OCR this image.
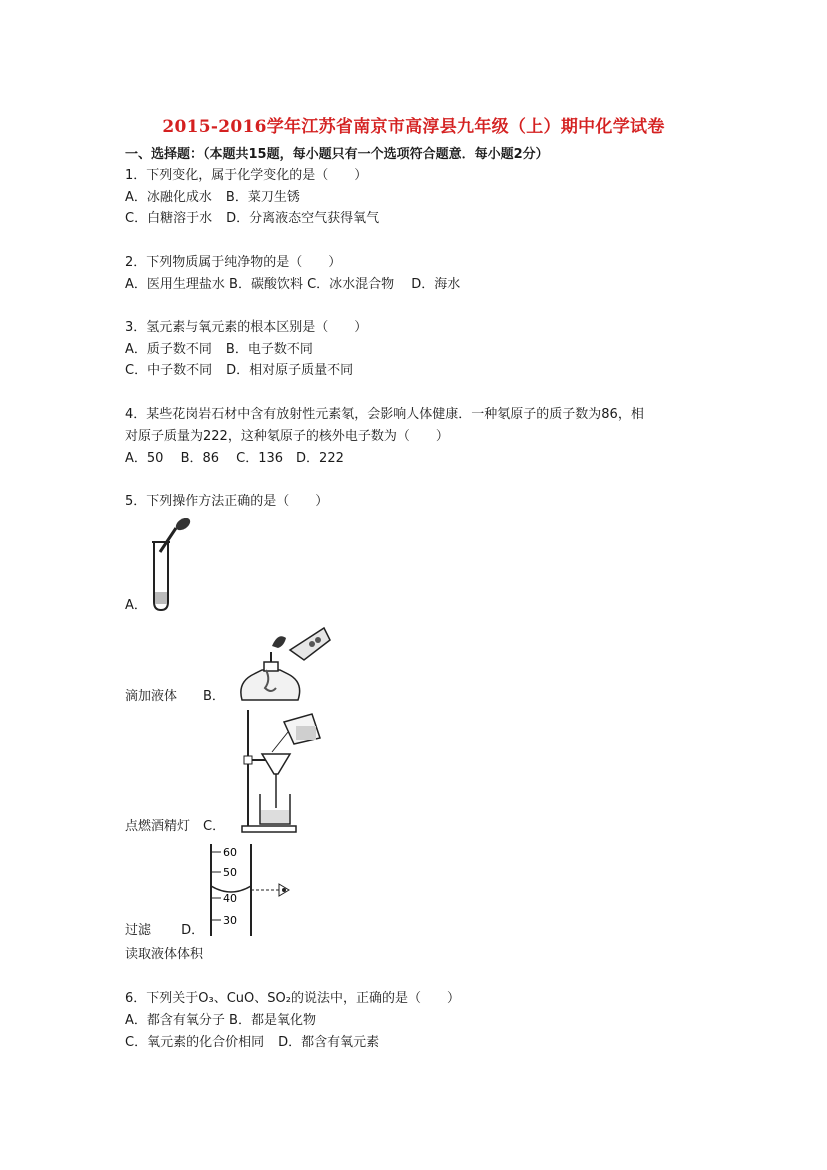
2015-2016学年江苏省南京市高淳县九年级（上）期中化学试卷
一、选择题：（本题共15题，每小题只有一个选项符合题意．每小题2分）
1．下列变化，属于化学变化的是（　　）
A．冰融化成水 B．菜刀生锈
C．白糖溶于水 D．分离液态空气获得氧气
2．下列物质属于纯净物的是（　　）
A．医用生理盐水 B．碳酸饮料 C．冰水混合物　 D．海水
3．氢元素与氧元素的根本区别是（　　）
A．质子数不同 B．电子数不同
C．中子数不同 D．相对原子质量不同
4．某些花岗岩石材中含有放射性元素氡，会影响人体健康．一种氡原子的质子数为86，相
对原子质量为222，这种氡原子的核外电子数为（　　）
A．50　 B．86　 C．136　D．222
5．下列操作方法正确的是（　　）
A．
滴加液体　　B．
点燃酒精灯　C．
60
50
40
30
过滤　　 D．
读取液体体积
6．下列关于O₃、CuO、SO₂的说法中，正确的是（　　）
A．都含有氧分子 B．都是氧化物
C．氧元素的化合价相同 D．都含有氧元素
